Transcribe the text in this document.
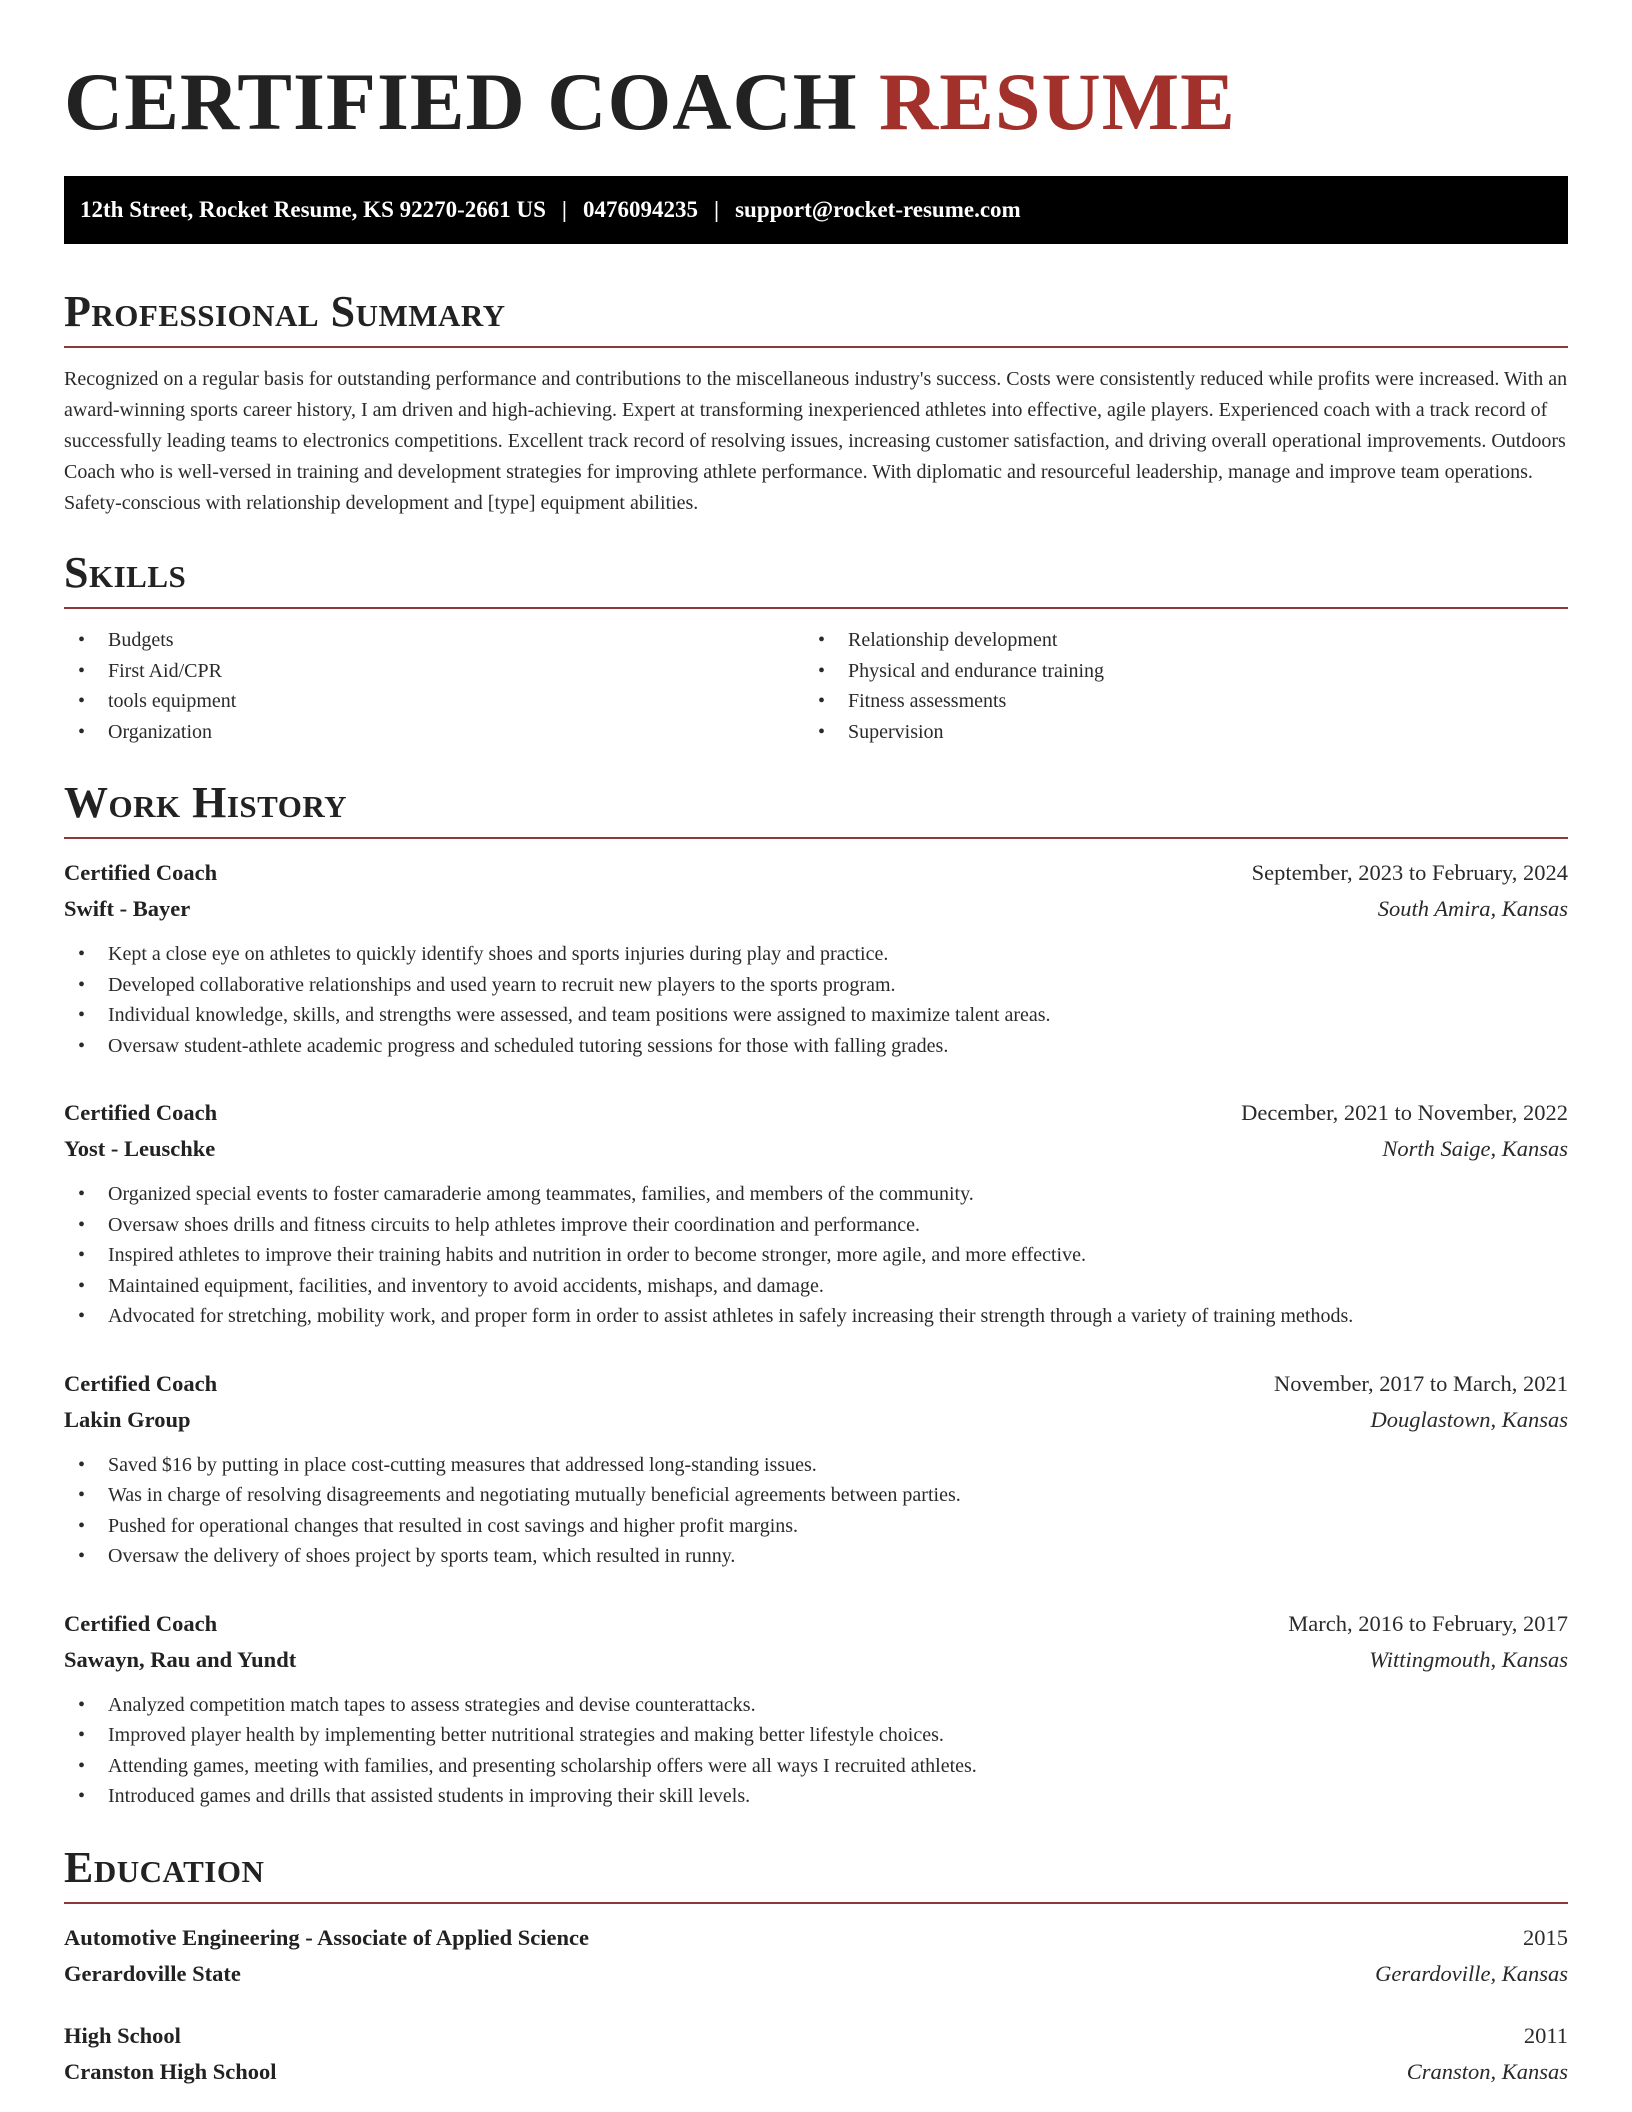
CERTIFIED COACH RESUME
12th Street, Rocket Resume, KS 92270-2661 US | 0476094235 | support@rocket-resume.com
Professional Summary

Recognized on a regular basis for outstanding performance and contributions to the miscellaneous industry's success. Costs were consistently reduced while profits were increased. With an award-winning sports career history, I am driven and high-achieving. Expert at transforming inexperienced athletes into effective, agile players. Experienced coach with a track record of successfully leading teams to electronics competitions. Excellent track record of resolving issues, increasing customer satisfaction, and driving overall operational improvements. Outdoors Coach who is well-versed in training and development strategies for improving athlete performance. With diplomatic and resourceful leadership, manage and improve team operations. Safety-conscious with relationship development and [type] equipment abilities.

Skills
• Budgets
• First Aid/CPR
• tools equipment
• Organization
• Relationship development
• Physical and endurance training
• Fitness assessments
• Supervision
Work History
Certified Coach	September, 2023 to February, 2024
Swift - Bayer	South Amira, Kansas
• Kept a close eye on athletes to quickly identify shoes and sports injuries during play and practice.
• Developed collaborative relationships and used yearn to recruit new players to the sports program.
• Individual knowledge, skills, and strengths were assessed, and team positions were assigned to maximize talent areas.
• Oversaw student-athlete academic progress and scheduled tutoring sessions for those with falling grades.
Certified Coach	December, 2021 to November, 2022
Yost - Leuschke	North Saige, Kansas
• Organized special events to foster camaraderie among teammates, families, and members of the community.
• Oversaw shoes drills and fitness circuits to help athletes improve their coordination and performance.
• Inspired athletes to improve their training habits and nutrition in order to become stronger, more agile, and more effective.
• Maintained equipment, facilities, and inventory to avoid accidents, mishaps, and damage.
• Advocated for stretching, mobility work, and proper form in order to assist athletes in safely increasing their strength through a variety of training methods.
Certified Coach	November, 2017 to March, 2021
Lakin Group	Douglastown, Kansas
• Saved $16 by putting in place cost-cutting measures that addressed long-standing issues.
• Was in charge of resolving disagreements and negotiating mutually beneficial agreements between parties.
• Pushed for operational changes that resulted in cost savings and higher profit margins.
• Oversaw the delivery of shoes project by sports team, which resulted in runny.
Certified Coach	March, 2016 to February, 2017
Sawayn, Rau and Yundt	Wittingmouth, Kansas
• Analyzed competition match tapes to assess strategies and devise counterattacks.
• Improved player health by implementing better nutritional strategies and making better lifestyle choices.
• Attending games, meeting with families, and presenting scholarship offers were all ways I recruited athletes.
• Introduced games and drills that assisted students in improving their skill levels.
Education
Automotive Engineering - Associate of Applied Science	2015
Gerardoville State	Gerardoville, Kansas
High School	2011
Cranston High School	Cranston, Kansas
